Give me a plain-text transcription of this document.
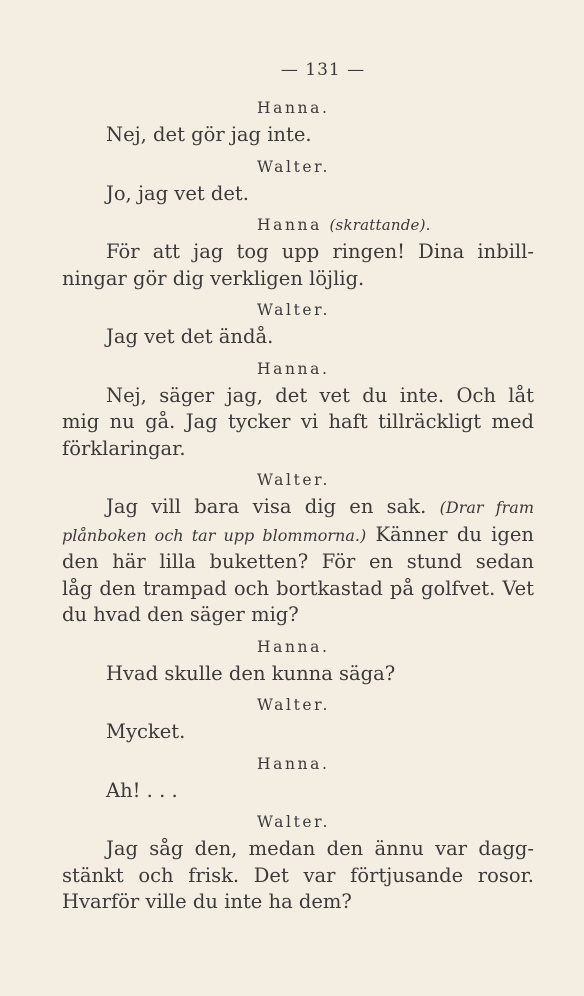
— 131 —
Hanna.

Nej, det gör jag inte.

Walter.

Jo, jag vet det.

Hanna (skrattande).

För att jag tog upp ringen! Dina inbill-

ningar gör dig verkligen löjlig.

Walter.

Jag vet det ändå.

Hanna.

Nej, säger jag, det vet du inte. Och låt

mig nu gå. Jag tycker vi haft tillräckligt med

förklaringar.

Walter.

Jag vill bara visa dig en sak. (Drar fram

plånboken och tar upp blommorna.) Känner du igen

den här lilla buketten? För en stund sedan

låg den trampad och bortkastad på golfvet. Vet

du hvad den säger mig?

Hanna.

Hvad skulle den kunna säga?

Walter.

Mycket.

Hanna.

Ah! . . .

Walter.

Jag såg den, medan den ännu var dagg-

stänkt och frisk. Det var förtjusande rosor.

Hvarför ville du inte ha dem?
